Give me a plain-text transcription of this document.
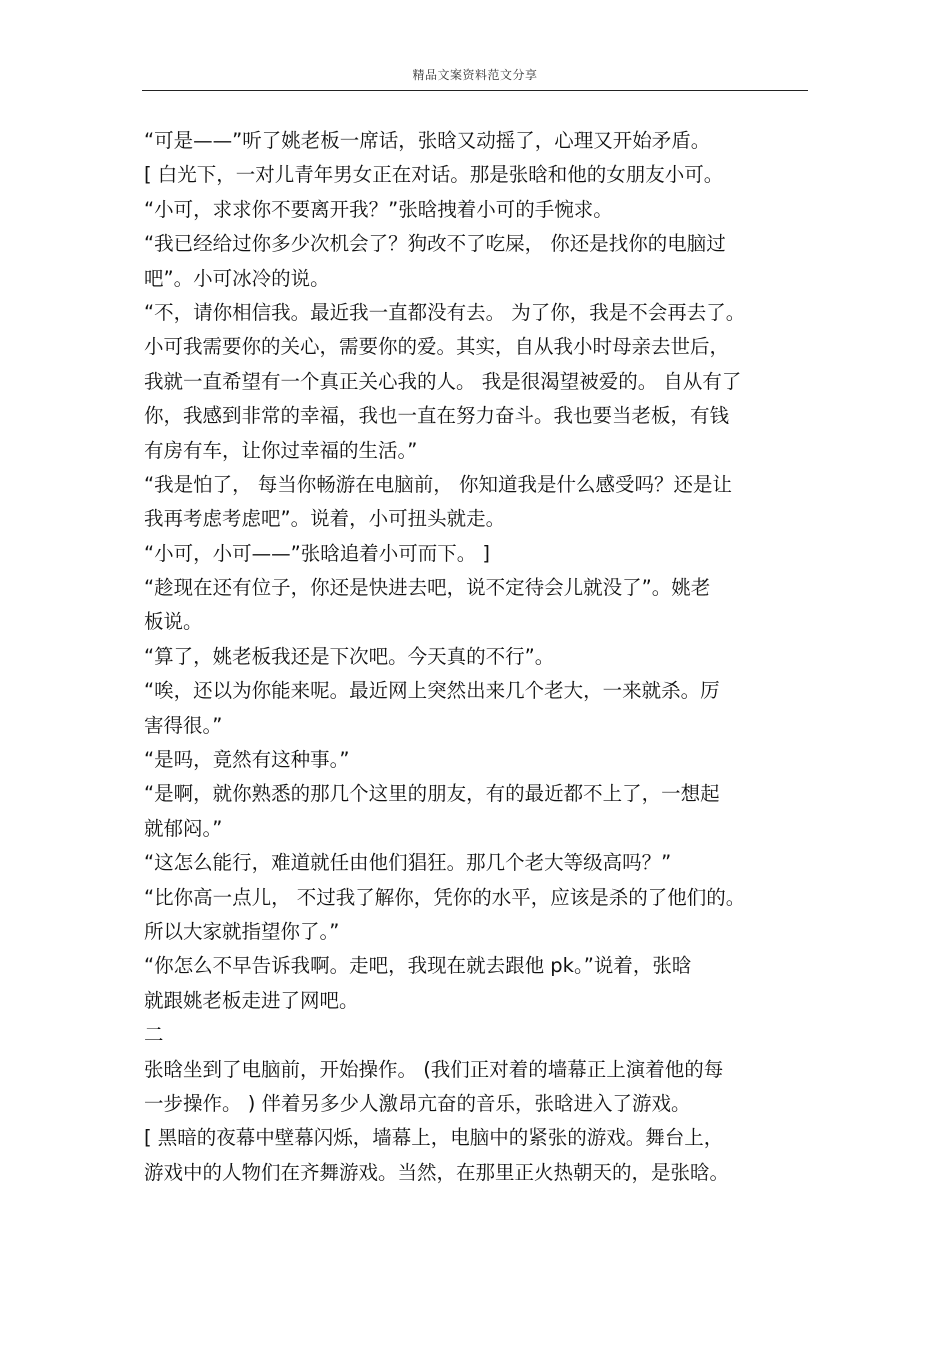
精品文案资料范文分享
“可是——”听了姚老板一席话，张晗又动摇了，心理又开始矛盾。
[ 白光下，一对儿青年男女正在对话。那是张晗和他的女朋友小可。
“小可，求求你不要离开我？”张晗拽着小可的手惋求。
“我已经给过你多少次机会了？狗改不了吃屎， 你还是找你的电脑过
吧”。小可冰冷的说。
“不，请你相信我。最近我一直都没有去。 为了你，我是不会再去了。
小可我需要你的关心，需要你的爱。其实，自从我小时母亲去世后，
我就一直希望有一个真正关心我的人。 我是很渴望被爱的。 自从有了
你，我感到非常的幸福，我也一直在努力奋斗。我也要当老板，有钱
有房有车，让你过幸福的生活。”
“我是怕了， 每当你畅游在电脑前， 你知道我是什么感受吗？还是让
我再考虑考虑吧”。说着，小可扭头就走。
“小可，小可——”张晗追着小可而下。 ]
“趁现在还有位子，你还是快进去吧，说不定待会儿就没了”。姚老
板说。
“算了，姚老板我还是下次吧。今天真的不行”。
“唉，还以为你能来呢。最近网上突然出来几个老大，一来就杀。厉
害得很。”
“是吗，竟然有这种事。”
“是啊，就你熟悉的那几个这里的朋友，有的最近都不上了，一想起
就郁闷。”
“这怎么能行，难道就任由他们猖狂。那几个老大等级高吗？”
“比你高一点儿， 不过我了解你，凭你的水平，应该是杀的了他们的。
所以大家就指望你了。”
“你怎么不早告诉我啊。走吧，我现在就去跟他 pk。”说着，张晗
就跟姚老板走进了网吧。
二
张晗坐到了电脑前，开始操作。 (我们正对着的墙幕正上演着他的每
一步操作。 ) 伴着另多少人激昂亢奋的音乐，张晗进入了游戏。
[ 黑暗的夜幕中壁幕闪烁，墙幕上，电脑中的紧张的游戏。舞台上，
游戏中的人物们在齐舞游戏。当然，在那里正火热朝天的，是张晗。
